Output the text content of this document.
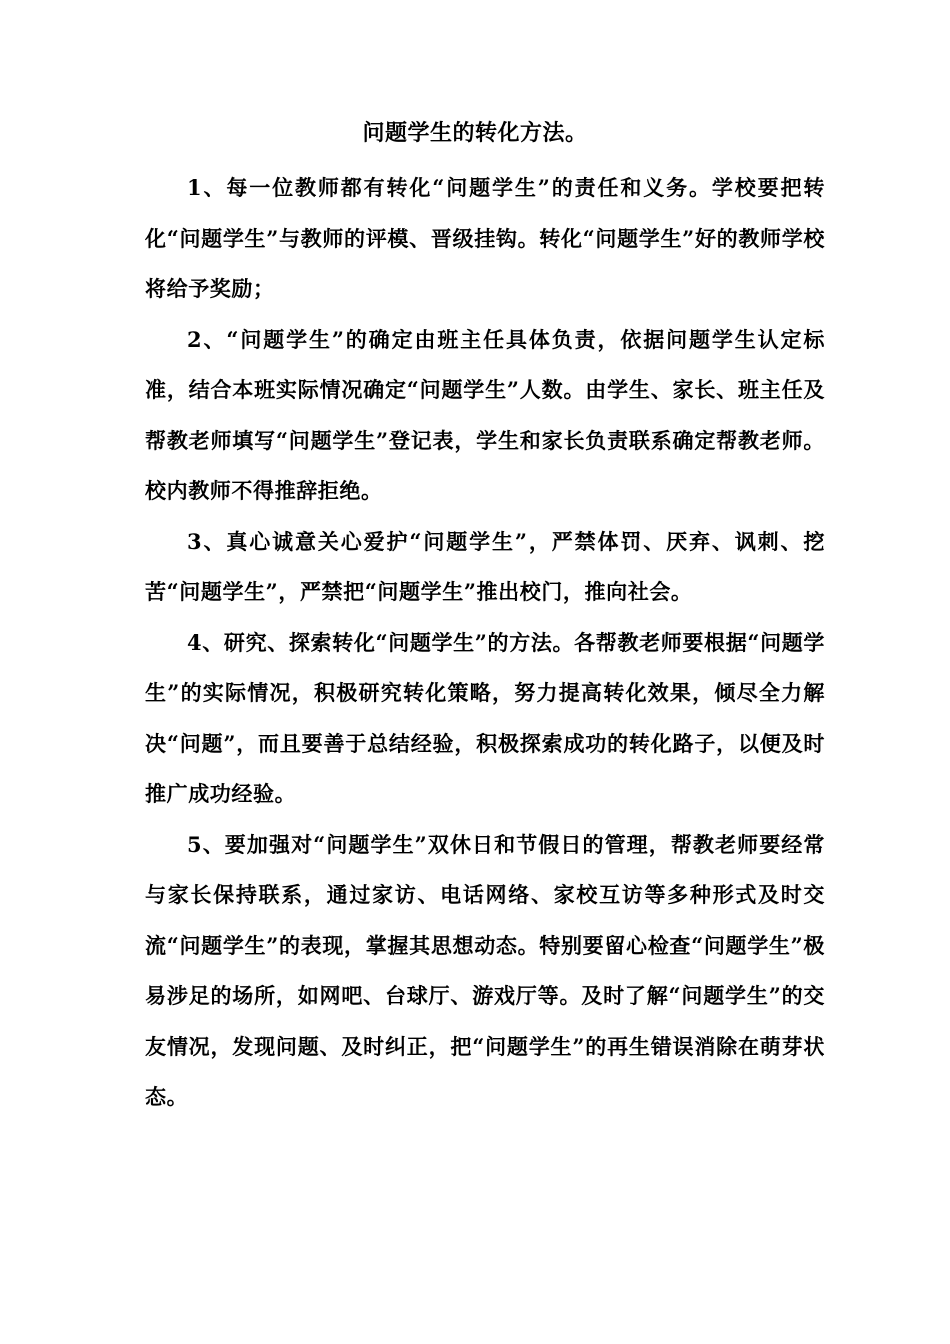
问题学生的转化方法。

1、每一位教师都有转化“问题学生”的责任和义务。学校要把转化“问题学生”与教师的评模、晋级挂钩。转化“问题学生”好的教师学校将给予奖励；

2、“问题学生”的确定由班主任具体负责，依据问题学生认定标准，结合本班实际情况确定“问题学生”人数。由学生、家长、班主任及帮教老师填写“问题学生”登记表，学生和家长负责联系确定帮教老师。校内教师不得推辞拒绝。

3、真心诚意关心爱护“问题学生”，严禁体罚、厌弃、讽刺、挖苦“问题学生”，严禁把“问题学生”推出校门，推向社会。

4、研究、探索转化“问题学生”的方法。各帮教老师要根据“问题学生”的实际情况，积极研究转化策略，努力提高转化效果，倾尽全力解决“问题”，而且要善于总结经验，积极探索成功的转化路子，以便及时推广成功经验。

5、要加强对“问题学生”双休日和节假日的管理，帮教老师要经常与家长保持联系，通过家访、电话网络、家校互访等多种形式及时交流“问题学生”的表现，掌握其思想动态。特别要留心检查“问题学生”极易涉足的场所，如网吧、台球厅、游戏厅等。及时了解“问题学生”的交友情况，发现问题、及时纠正，把“问题学生”的再生错误消除在萌芽状态。
